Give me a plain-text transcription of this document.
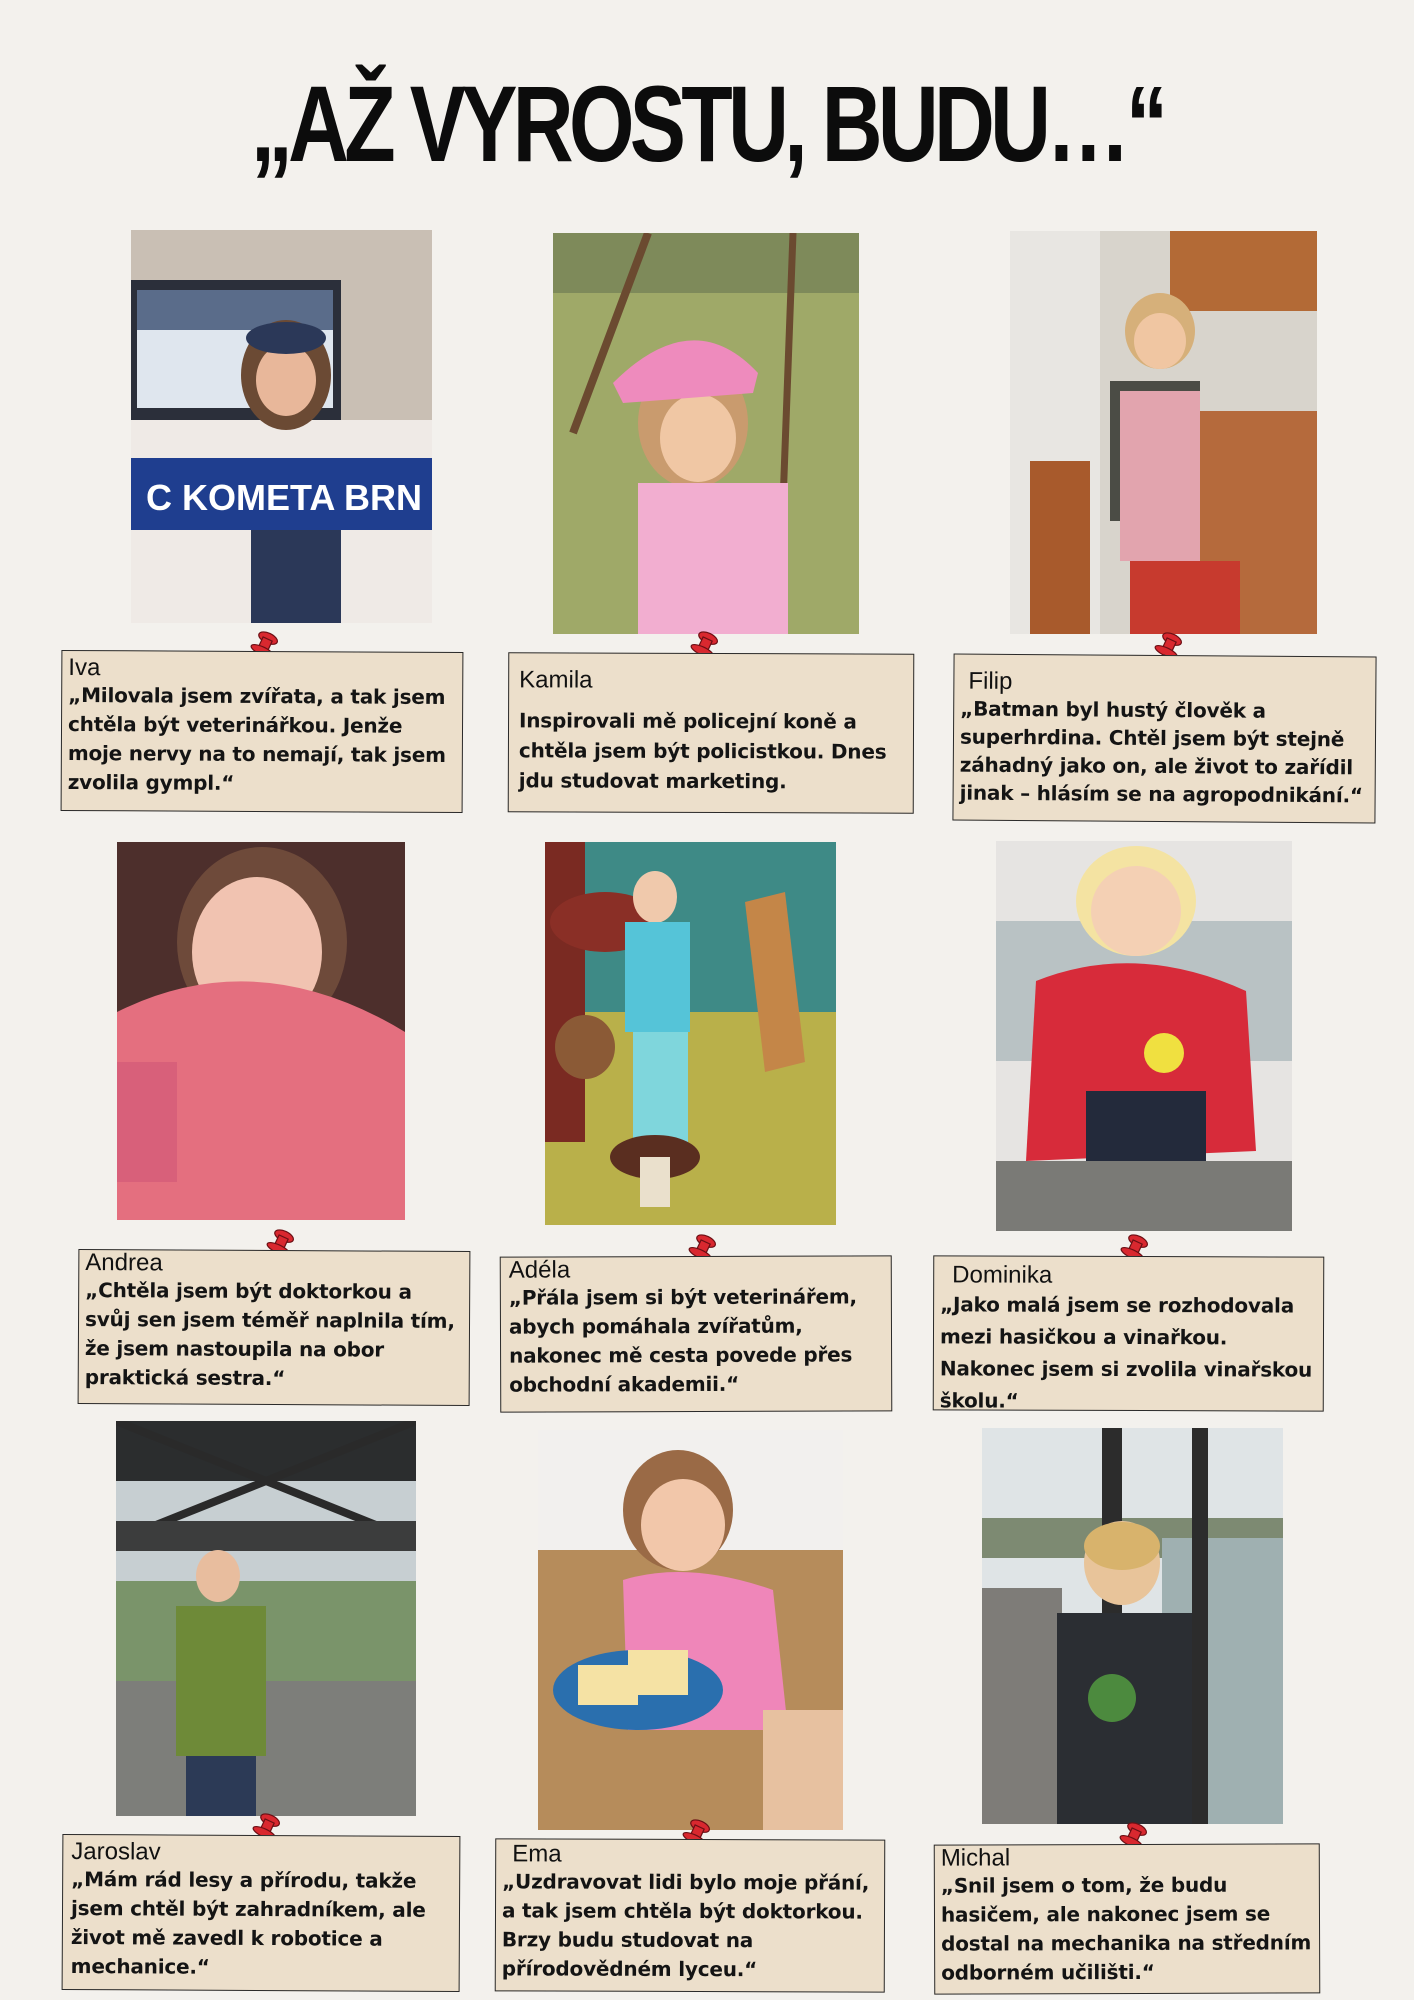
„AŽ VYROSTU, BUDU…“
C KOMETA BRN
Iva
„Milovala jsem zvířata, a tak jsem chtěla být veterinářkou. Jenže moje nervy na to nemají, tak jsem zvolila gympl.“
Kamila
Inspirovali mě policejní koně a chtěla jsem být policistkou. Dnes jdu studovat marketing.
Filip
„Batman byl hustý člověk a superhrdina. Chtěl jsem být stejně záhadný jako on, ale život to zařídil jinak – hlásím se na agropodnikání.“
Andrea
„Chtěla jsem být doktorkou a svůj sen jsem téměř naplnila tím, že jsem nastoupila na obor praktická sestra.“
Adéla
„Přála jsem si být veterinářem, abych pomáhala zvířatům, nakonec mě cesta povede přes obchodní akademii.“
Dominika
„Jako malá jsem se rozhodovala mezi hasičkou a vinařkou. Nakonec jsem si zvolila vinařskou školu.“
Jaroslav
„Mám rád lesy a přírodu, takže jsem chtěl být zahradníkem, ale život mě zavedl k robotice a mechanice.“
Ema
„Uzdravovat lidi bylo moje přání, a tak jsem chtěla být doktorkou. Brzy budu studovat na přírodovědném lyceu.“
Michal
„Snil jsem o tom, že budu hasičem, ale nakonec jsem se dostal na mechanika na středním odborném učilišti.“
